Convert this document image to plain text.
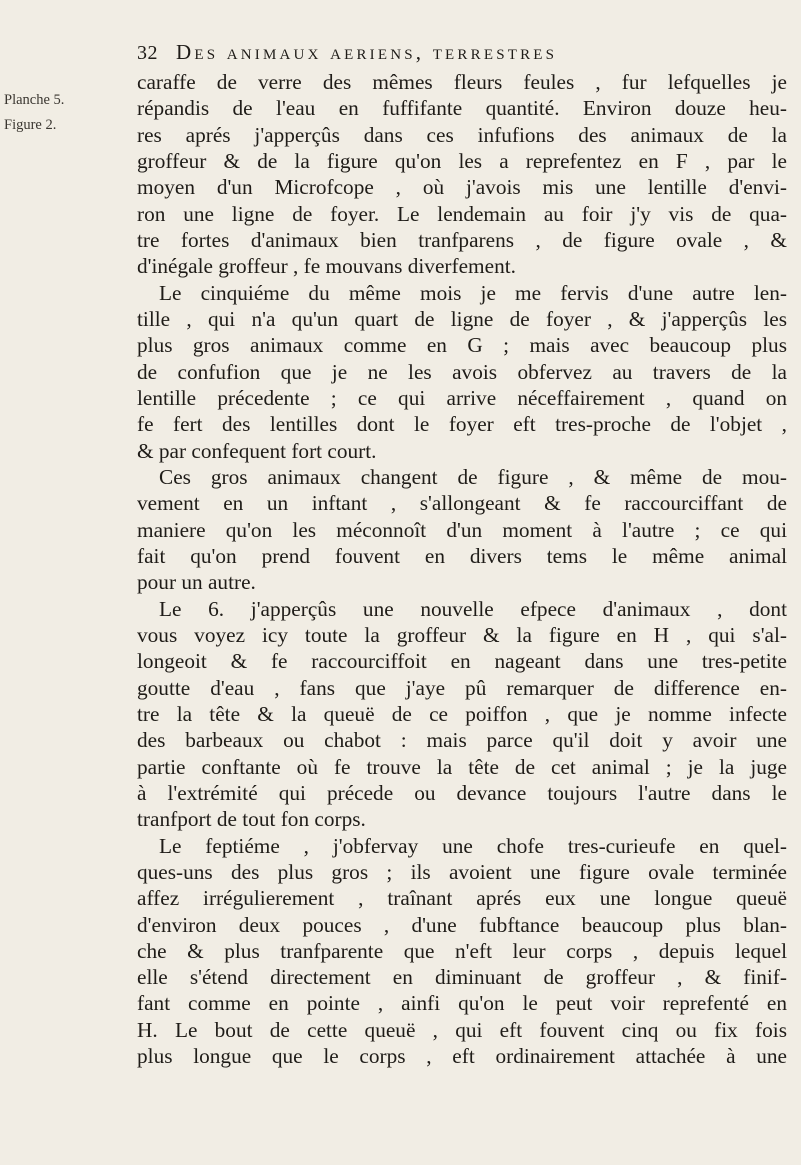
Planche 5.
Figure 2.
32 Des animaux aeriens, terrestres
caraffe de verre des mêmes fleurs feules , fur lefquelles je
répandis de l'eau en fuffifante quantité. Environ douze heu-
res aprés j'apperçûs dans ces infufions des animaux de la
groffeur & de la figure qu'on les a reprefentez en F , par le
moyen d'un Microfcope , où j'avois mis une lentille d'envi-
ron une ligne de foyer. Le lendemain au foir j'y vis de qua-
tre fortes d'animaux bien tranfparens , de figure ovale , &
d'inégale groffeur , fe mouvans diverfement.
Le cinquiéme du même mois je me fervis d'une autre len-
tille , qui n'a qu'un quart de ligne de foyer , & j'apperçûs les
plus gros animaux comme en G ; mais avec beaucoup plus
de confufion que je ne les avois obfervez au travers de la
lentille précedente ; ce qui arrive néceffairement , quand on
fe fert des lentilles dont le foyer eft tres-proche de l'objet ,
& par confequent fort court.
Ces gros animaux changent de figure , & même de mou-
vement en un inftant , s'allongeant & fe raccourciffant de
maniere qu'on les méconnoît d'un moment à l'autre ; ce qui
fait qu'on prend fouvent en divers tems le même animal
pour un autre.
Le 6. j'apperçûs une nouvelle efpece d'animaux , dont
vous voyez icy toute la groffeur & la figure en H , qui s'al-
longeoit & fe raccourciffoit en nageant dans une tres-petite
goutte d'eau , fans que j'aye pû remarquer de difference en-
tre la tête & la queuë de ce poiffon , que je nomme infecte
des barbeaux ou chabot : mais parce qu'il doit y avoir une
partie conftante où fe trouve la tête de cet animal ; je la juge
à l'extrémité qui précede ou devance toujours l'autre dans le
tranfport de tout fon corps.
Le feptiéme , j'obfervay une chofe tres-curieufe en quel-
ques-uns des plus gros ; ils avoient une figure ovale terminée
affez irrégulierement , traînant aprés eux une longue queuë
d'environ deux pouces , d'une fubftance beaucoup plus blan-
che & plus tranfparente que n'eft leur corps , depuis lequel
elle s'étend directement en diminuant de groffeur , & finif-
fant comme en pointe , ainfi qu'on le peut voir reprefenté en
H. Le bout de cette queuë , qui eft fouvent cinq ou fix fois
plus longue que le corps , eft ordinairement attachée à une
